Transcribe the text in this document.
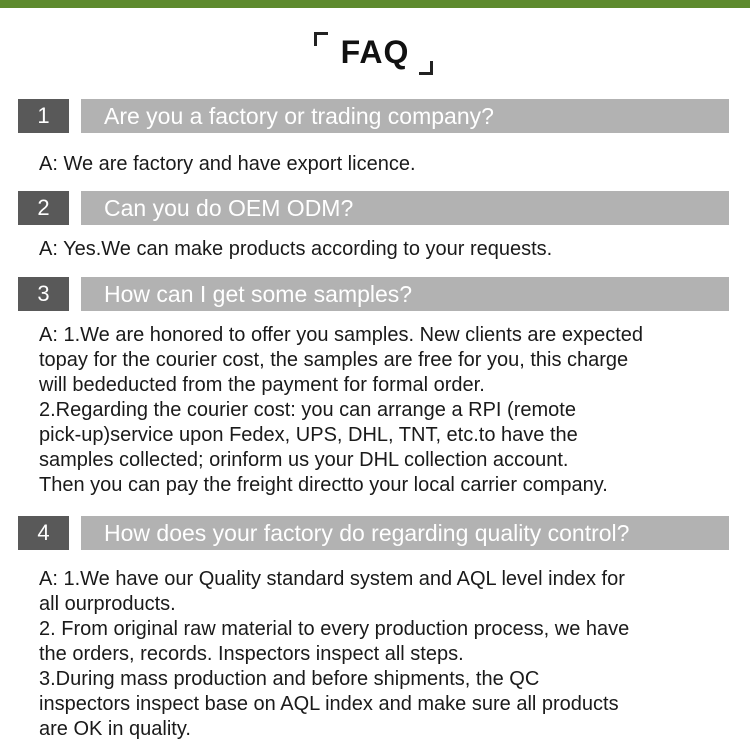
FAQ
1	Are you a factory or trading company?
A: We are factory and have export licence.
2	Can you do OEM ODM?
A: Yes.We can make products according to your requests.
3	How can I get some samples?
A: 1.We are honored to offer you samples. New clients are expected
topay for the courier cost, the samples are free for you, this charge
will bededucted from the payment for formal order.
2.Regarding the courier cost: you can arrange a RPI (remote
pick-up)service upon Fedex, UPS, DHL, TNT, etc.to have the
samples collected; orinform us your DHL collection account.
Then you can pay the freight directto your local carrier company.
4	How does your factory do regarding quality control?
A: 1.We have our Quality standard system and AQL level index for
all ourproducts.
2. From original raw material to every production process, we have
the orders, records. Inspectors inspect all steps.
3.During mass production and before shipments, the QC
inspectors inspect base on AQL index and make sure all products
are OK in quality.
